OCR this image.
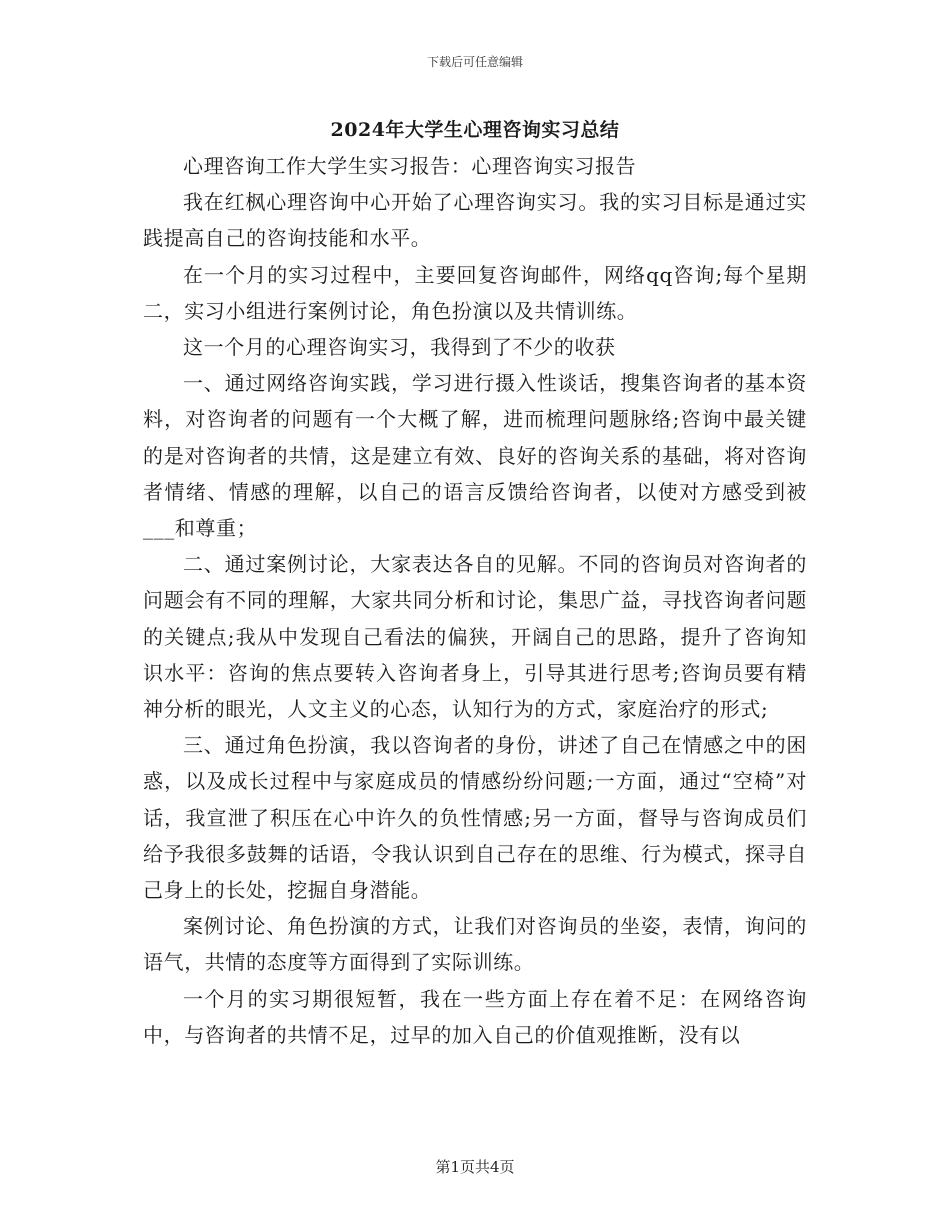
下载后可任意编辑
2024年大学生心理咨询实习总结

心理咨询工作大学生实习报告：心理咨询实习报告

我在红枫心理咨询中心开始了心理咨询实习。我的实习目标是通过实践提高自己的咨询技能和水平。

在一个月的实习过程中，主要回复咨询邮件，网络qq咨询;每个星期二，实习小组进行案例讨论，角色扮演以及共情训练。

这一个月的心理咨询实习，我得到了不少的收获

一、通过网络咨询实践，学习进行摄入性谈话，搜集咨询者的基本资料，对咨询者的问题有一个大概了解，进而梳理问题脉络;咨询中最关键的是对咨询者的共情，这是建立有效、良好的咨询关系的基础，将对咨询者情绪、情感的理解，以自己的语言反馈给咨询者，以使对方感受到被___和尊重；

二、通过案例讨论，大家表达各自的见解。不同的咨询员对咨询者的问题会有不同的理解，大家共同分析和讨论，集思广益，寻找咨询者问题的关键点;我从中发现自己看法的偏狭，开阔自己的思路，提升了咨询知识水平：咨询的焦点要转入咨询者身上，引导其进行思考;咨询员要有精神分析的眼光，人文主义的心态，认知行为的方式，家庭治疗的形式;

三、通过角色扮演，我以咨询者的身份，讲述了自己在情感之中的困惑，以及成长过程中与家庭成员的情感纷纷问题;一方面，通过“空椅”对话，我宣泄了积压在心中许久的负性情感;另一方面，督导与咨询成员们给予我很多鼓舞的话语，令我认识到自己存在的思维、行为模式，探寻自己身上的长处，挖掘自身潜能。

案例讨论、角色扮演的方式，让我们对咨询员的坐姿，表情，询问的语气，共情的态度等方面得到了实际训练。

一个月的实习期很短暂，我在一些方面上存在着不足：在网络咨询中，与咨询者的共情不足，过早的加入自己的价值观推断，没有以

第1页共4页
